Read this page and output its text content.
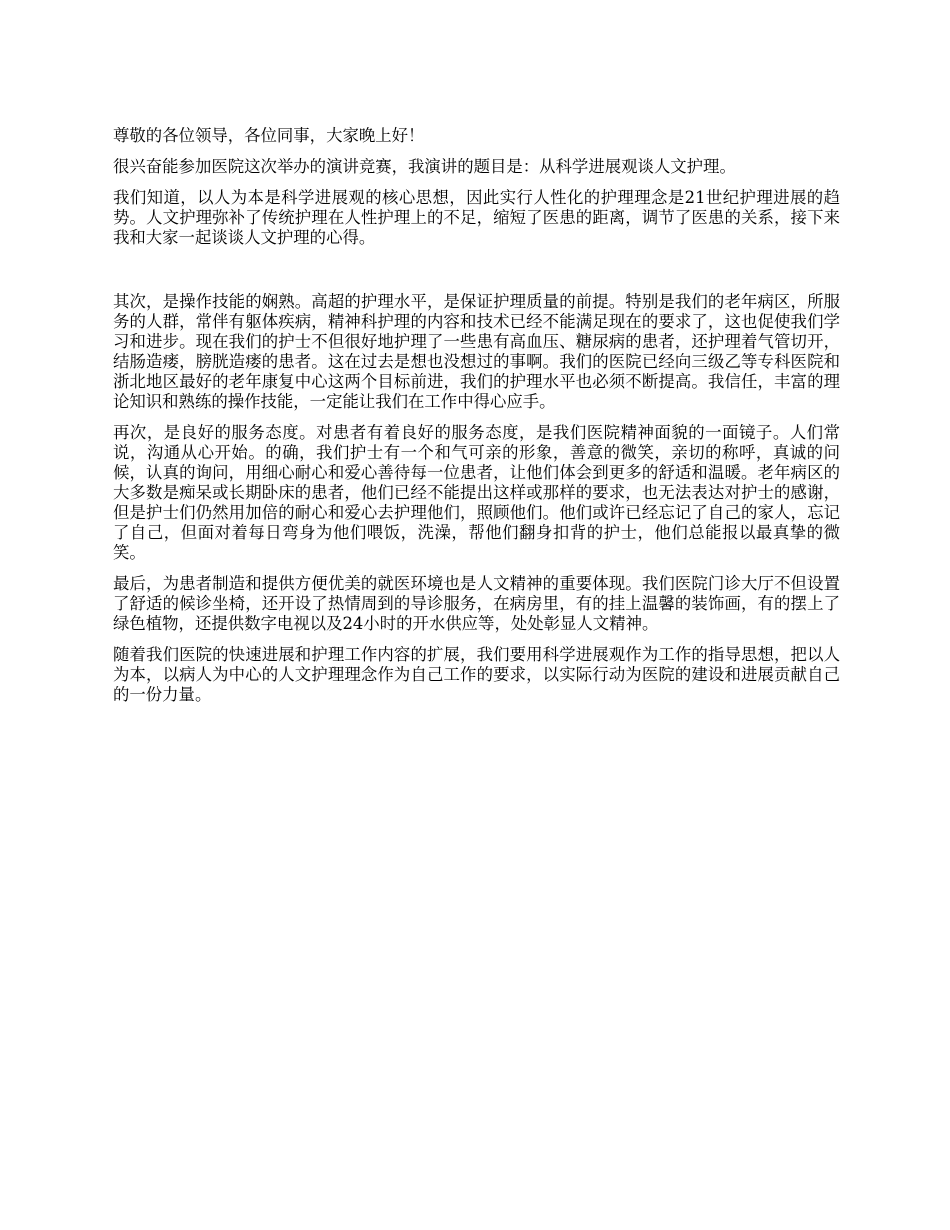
尊敬的各位领导，各位同事，大家晚上好！

很兴奋能参加医院这次举办的演讲竞赛，我演讲的题目是：从科学进展观谈人文护理。

我们知道，以人为本是科学进展观的核心思想，因此实行人性化的护理理念是21世纪护理进展的趋势。人文护理弥补了传统护理在人性护理上的不足，缩短了医患的距离，调节了医患的关系，接下来我和大家一起谈谈人文护理的心得。

其次，是操作技能的娴熟。高超的护理水平，是保证护理质量的前提。特别是我们的老年病区，所服务的人群，常伴有躯体疾病，精神科护理的内容和技术已经不能满足现在的要求了，这也促使我们学习和进步。现在我们的护士不但很好地护理了一些患有高血压、糖尿病的患者，还护理着气管切开，结肠造瘘，膀胱造瘘的患者。这在过去是想也没想过的事啊。我们的医院已经向三级乙等专科医院和浙北地区最好的老年康复中心这两个目标前进，我们的护理水平也必须不断提高。我信任，丰富的理论知识和熟练的操作技能，一定能让我们在工作中得心应手。

再次，是良好的服务态度。对患者有着良好的服务态度，是我们医院精神面貌的一面镜子。人们常说，沟通从心开始。的确，我们护士有一个和气可亲的形象，善意的微笑，亲切的称呼，真诚的问候，认真的询问，用细心耐心和爱心善待每一位患者，让他们体会到更多的舒适和温暖。老年病区的大多数是痴呆或长期卧床的患者，他们已经不能提出这样或那样的要求，也无法表达对护士的感谢，但是护士们仍然用加倍的耐心和爱心去护理他们，照顾他们。他们或许已经忘记了自己的家人，忘记了自己，但面对着每日弯身为他们喂饭，洗澡，帮他们翻身扣背的护士，他们总能报以最真挚的微笑。

最后，为患者制造和提供方便优美的就医环境也是人文精神的重要体现。我们医院门诊大厅不但设置了舒适的候诊坐椅，还开设了热情周到的导诊服务，在病房里，有的挂上温馨的装饰画，有的摆上了绿色植物，还提供数字电视以及24小时的开水供应等，处处彰显人文精神。

随着我们医院的快速进展和护理工作内容的扩展，我们要用科学进展观作为工作的指导思想，把以人为本，以病人为中心的人文护理理念作为自己工作的要求，以实际行动为医院的建设和进展贡献自己的一份力量。
